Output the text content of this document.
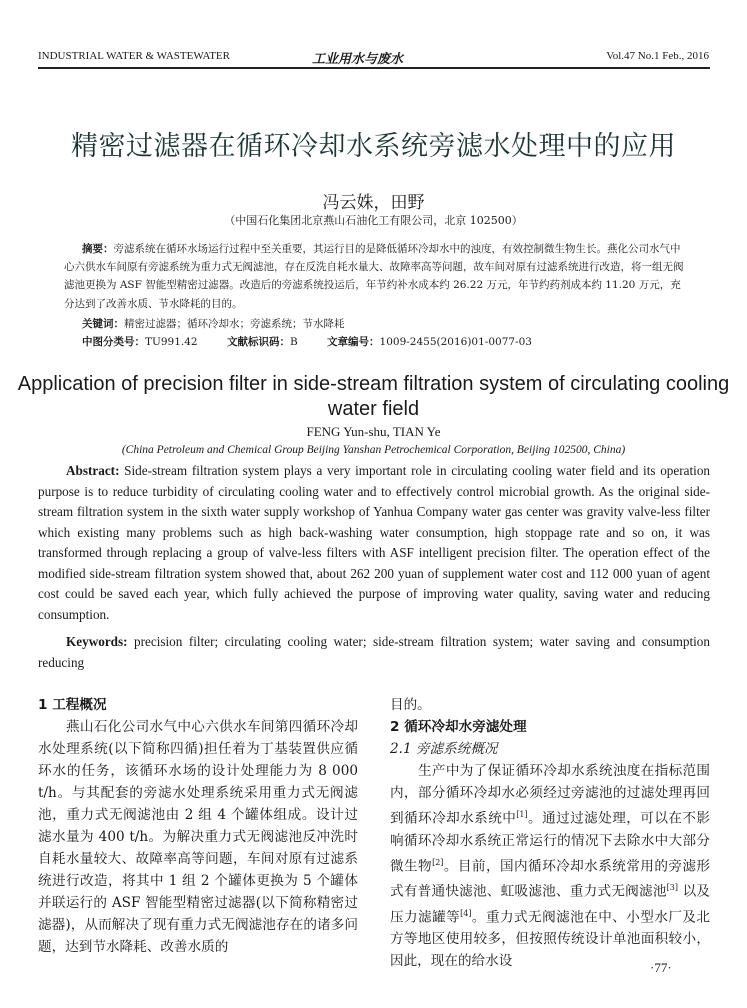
INDUSTRIAL WATER & WASTEWATER	工业用水与废水	Vol.47 No.1 Feb., 2016
精密过滤器在循环冷却水系统旁滤水处理中的应用
冯云姝，田野
（中国石化集团北京燕山石油化工有限公司，北京 102500）
摘要：旁滤系统在循环水场运行过程中至关重要，其运行目的是降低循环冷却水中的浊度，有效控制微生物生长。燕化公司水气中心六供水车间原有旁滤系统为重力式无阀滤池，存在反洗自耗水量大、故障率高等问题，故车间对原有过滤系统进行改造，将一组无阀滤池更换为 ASF 智能型精密过滤器。改造后的旁滤系统投运后，年节约补水成本约 26.22 万元，年节约药剂成本约 11.20 万元，充分达到了改善水质、节水降耗的目的。
关键词：精密过滤器；循环冷却水；旁滤系统；节水降耗
中图分类号：TU991.42	文献标识码：B	文章编号：1009-2455(2016)01-0077-03
Application of precision filter in side-stream filtration system of circulating cooling water field
FENG Yun-shu, TIAN Ye
(China Petroleum and Chemical Group Beijing Yanshan Petrochemical Corporation, Beijing 102500, China)
Abstract: Side-stream filtration system plays a very important role in circulating cooling water field and its operation purpose is to reduce turbidity of circulating cooling water and to effectively control microbial growth. As the original side-stream filtration system in the sixth water supply workshop of Yanhua Company water gas center was gravity valve-less filter which existing many problems such as high back-washing water consumption, high stoppage rate and so on, it was transformed through replacing a group of valve-less filters with ASF intelligent precision filter. The operation effect of the modified side-stream filtration system showed that, about 262 200 yuan of supplement water cost and 112 000 yuan of agent cost could be saved each year, which fully achieved the purpose of improving water quality, saving water and reducing consumption.
Keywords: precision filter; circulating cooling water; side-stream filtration system; water saving and consumption reducing
1 工程概况
燕山石化公司水气中心六供水车间第四循环冷却水处理系统(以下简称四循)担任着为丁基装置供应循环水的任务，该循环水场的设计处理能力为 8 000 t/h。与其配套的旁滤水处理系统采用重力式无阀滤池，重力式无阀滤池由 2 组 4 个罐体组成。设计过滤水量为 400 t/h。为解决重力式无阀滤池反冲洗时自耗水量较大、故障率高等问题，车间对原有过滤系统进行改造，将其中 1 组 2 个罐体更换为 5 个罐体并联运行的 ASF 智能型精密过滤器(以下简称精密过滤器)，从而解决了现有重力式无阀滤池存在的诸多问题，达到节水降耗、改善水质的
目的。
2 循环冷却水旁滤处理
2.1 旁滤系统概况
生产中为了保证循环冷却水系统浊度在指标范围内，部分循环冷却水必须经过旁滤池的过滤处理再回到循环冷却水系统中[1]。通过过滤处理，可以在不影响循环冷却水系统正常运行的情况下去除水中大部分微生物[2]。目前，国内循环冷却水系统常用的旁滤形式有普通快滤池、虹吸滤池、重力式无阀滤池[3] 以及压力滤罐等[4]。重力式无阀滤池在中、小型水厂及北方等地区使用较多，但按照传统设计单池面积较小，因此，现在的给水设	·77·
